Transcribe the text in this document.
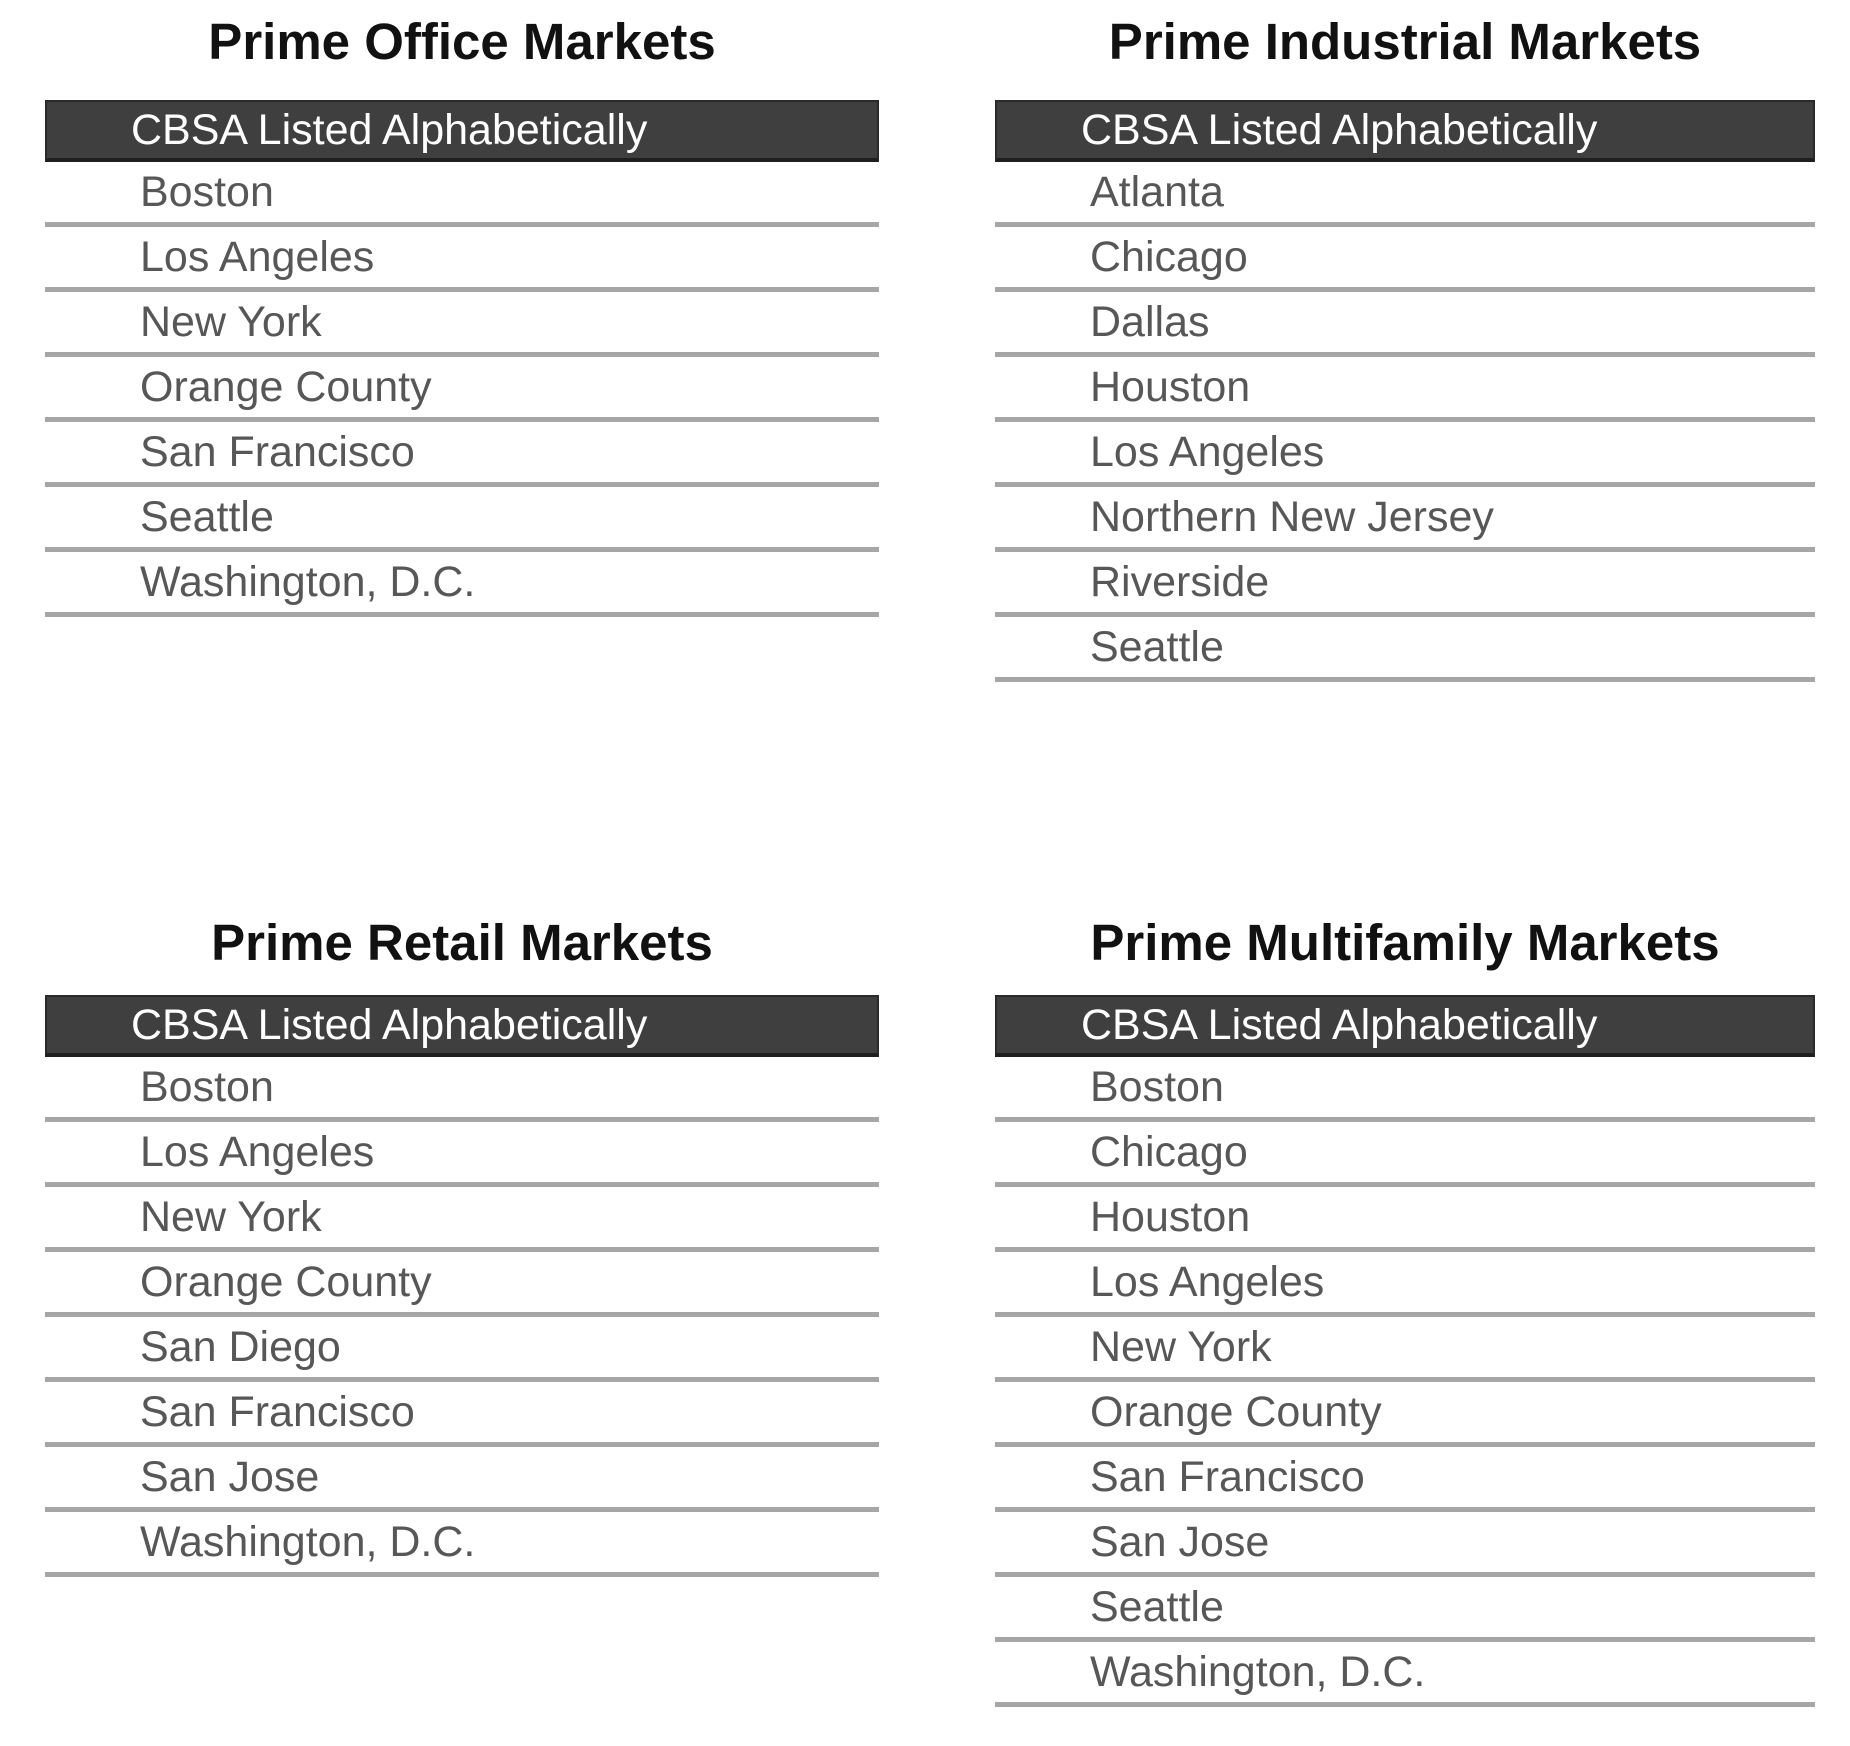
Prime Office Markets
CBSA Listed Alphabetically
Boston
Los Angeles
New York
Orange County
San Francisco
Seattle
Washington, D.C.
Prime Industrial Markets
CBSA Listed Alphabetically
Atlanta
Chicago
Dallas
Houston
Los Angeles
Northern New Jersey
Riverside
Seattle
Prime Retail Markets
CBSA Listed Alphabetically
Boston
Los Angeles
New York
Orange County
San Diego
San Francisco
San Jose
Washington, D.C.
Prime Multifamily Markets
CBSA Listed Alphabetically
Boston
Chicago
Houston
Los Angeles
New York
Orange County
San Francisco
San Jose
Seattle
Washington, D.C.
